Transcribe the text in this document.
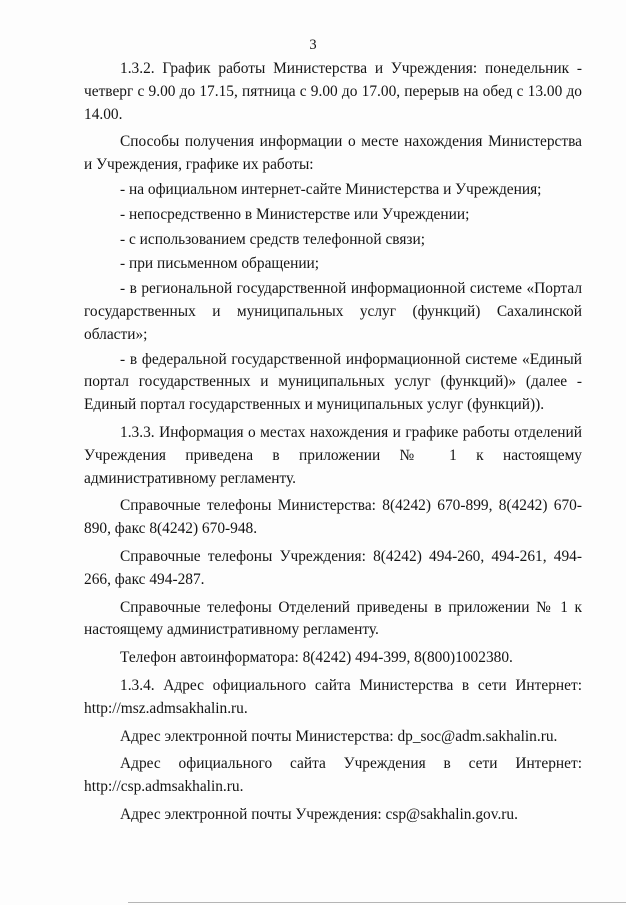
3

1.3.2. График работы Министерства и Учреждения: понедельник - четверг с 9.00 до 17.15, пятница с 9.00 до 17.00, перерыв на обед с 13.00 до 14.00.

Способы получения информации о месте нахождения Министерства и Учреждения, графике их работы:

- на официальном интернет-сайте Министерства и Учреждения;

- непосредственно в Министерстве или Учреждении;

- с использованием средств телефонной связи;

- при письменном обращении;

- в региональной государственной информационной системе «Портал государственных и муниципальных услуг (функций) Сахалинской области»;

- в федеральной государственной информационной системе «Единый портал государственных и муниципальных услуг (функций)» (далее - Единый портал государственных и муниципальных услуг (функций)).

1.3.3. Информация о местах нахождения и графике работы отделений Учреждения приведена в приложении № 1 к настоящему административному регламенту.

Справочные телефоны Министерства: 8(4242) 670-899, 8(4242) 670-890, факс 8(4242) 670-948.

Справочные телефоны Учреждения: 8(4242) 494-260, 494-261, 494-266, факс 494-287.

Справочные телефоны Отделений приведены в приложении № 1 к настоящему административному регламенту.

Телефон автоинформатора: 8(4242) 494-399, 8(800)1002380.

1.3.4. Адрес официального сайта Министерства в сети Интернет: http://msz.admsakhalin.ru.

Адрес электронной почты Министерства: dp_soc@adm.sakhalin.ru.

Адрес официального сайта Учреждения в сети Интернет:

http://csp.admsakhalin.ru.

Адрес электронной почты Учреждения: csp@sakhalin.gov.ru.
